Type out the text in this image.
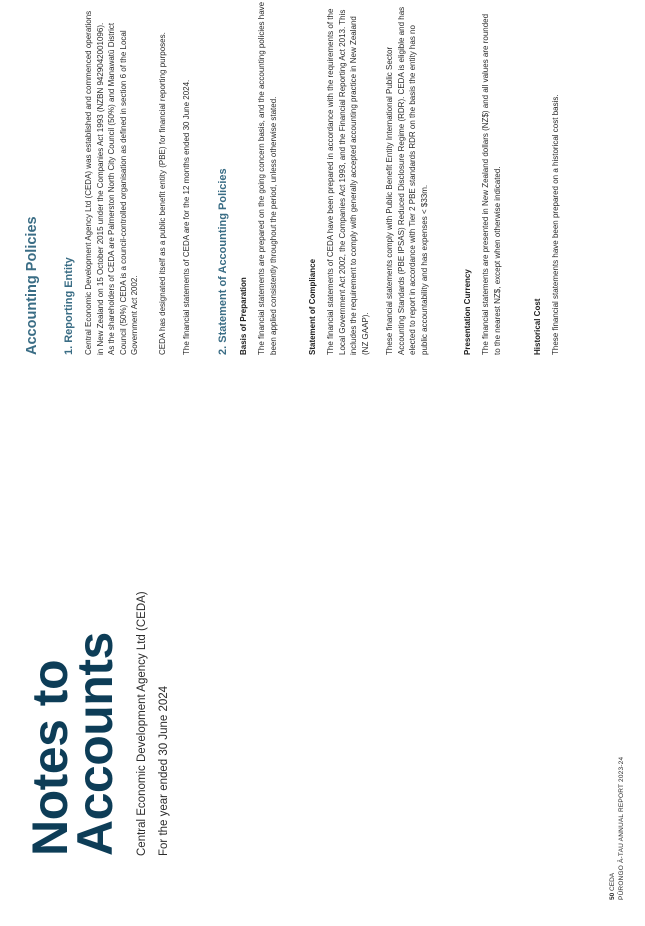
Notes to
Accounts Central Economic Development Agency Ltd (CEDA) For the year ended 30 June 2024
50 CEDA PŪRONGO Ā-TAU ANNUAL REPORT 2023-24
Accounting Policies 1. Reporting Entity Central Economic Development Agency Ltd (CEDA) was established and commenced operations in New Zealand on 15 October 2015 under the Companies Act 1993 (NZBN 9429042001096). As the shareholders of CEDA are Palmerston North City Council (50%) and Manawatū District Council (50%) CEDA is a council-controlled organisation as defined in section 6 of the Local Government Act 2002. CEDA has designated itself as a public benefit entity (PBE) for financial reporting purposes. The financial statements of CEDA are for the 12 months ended 30 June 2024. 2. Statement of Accounting Policies Basis of Preparation The financial statements are prepared on the going concern basis, and the accounting policies have been applied consistently throughout the period, unless otherwise stated.	Statement of Compliance The financial statements of CEDA have been prepared in accordance with the requirements of the Local Government Act 2002, the Companies Act 1993, and the Financial Reporting Act 2013. This includes the requirement to comply with generally accepted accounting practice in New Zealand (NZ GAAP). These financial statements comply with Public Benefit Entity International Public Sector Accounting Standards (PBE IPSAS) Reduced Disclosure Regime (RDR). CEDA is eligible and has elected to report in accordance with Tier 2 PBE standards RDR on the basis the entity has no public accountability and has expenses < $33m.	Presentation Currency The financial statements are presented in New Zealand dollars (NZ$) and all values are rounded to the nearest NZ$, except when otherwise indicated.	Historical Cost These financial statements have been prepared on a historical cost basis.
